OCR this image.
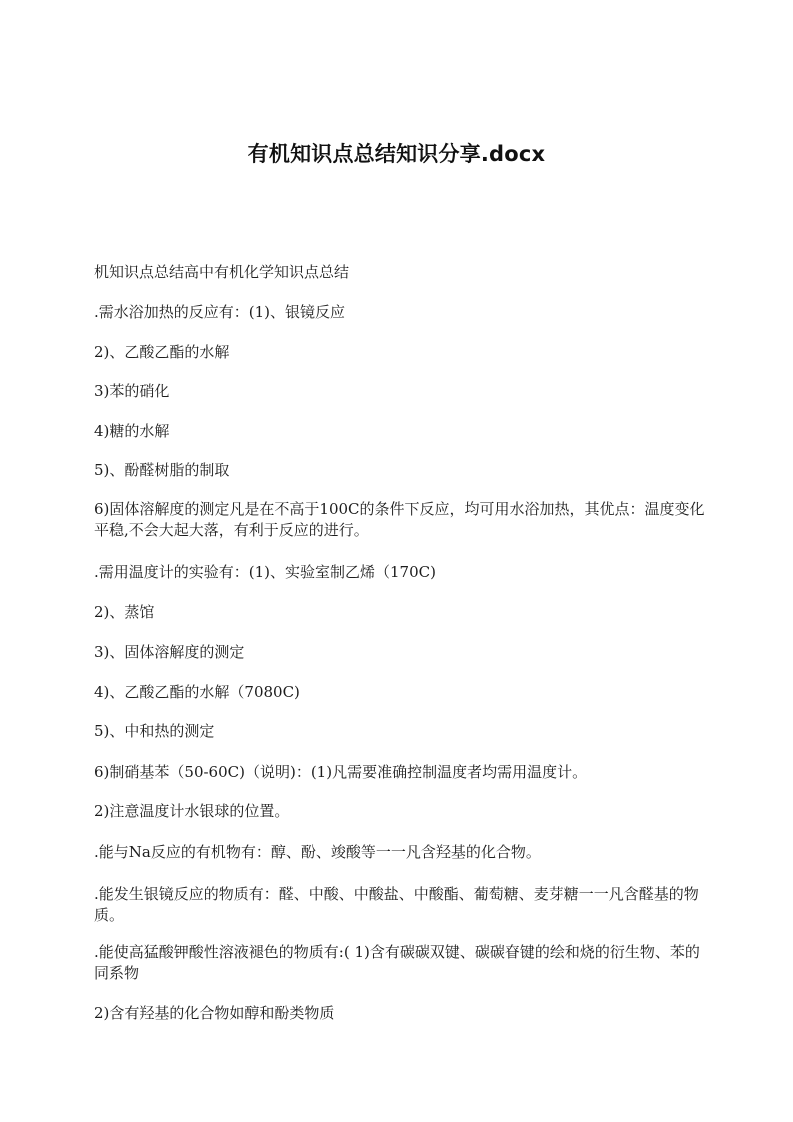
有机知识点总结知识分享.docx
机知识点总结高中有机化学知识点总结
.需水浴加热的反应有：(1)、银镜反应
2)、乙酸乙酯的水解
3)苯的硝化
4)糖的水解
5)、酚醛树脂的制取
6)固体溶解度的测定凡是在不高于100C的条件下反应，均可用水浴加热，其优点：温度变化平稳,不会大起大落，有利于反应的进行。
.需用温度计的实验有：(1)、实验室制乙烯（170C)
2)、蒸馆
3)、固体溶解度的测定
4)、乙酸乙酯的水解（7080C)
5)、中和热的测定
6)制硝基苯（50-60C)（说明)：(1)凡需要准确控制温度者均需用温度计。
2)注意温度计水银球的位置。
.能与Na反应的有机物有：醇、酚、竣酸等一一凡含羟基的化合物。
.能发生银镜反应的物质有：醛、中酸、中酸盐、中酸酯、葡萄糖、麦芽糖一一凡含醛基的物质。
.能使高猛酸钾酸性溶液褪色的物质有:( 1)含有碳碳双键、碳碳眘键的绘和烧的衍生物、苯的同系物
2)含有羟基的化合物如醇和酚类物质
